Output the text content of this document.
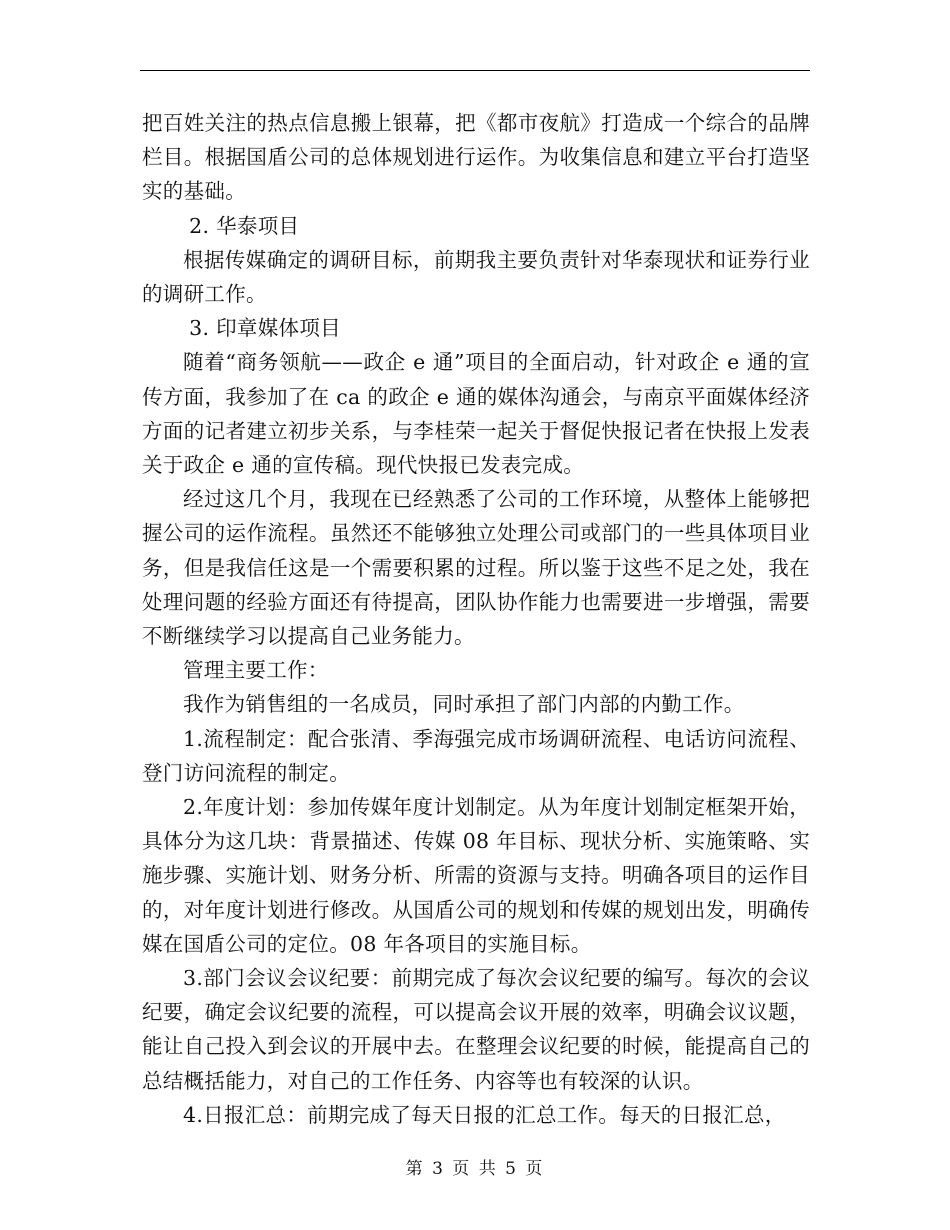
把百姓关注的热点信息搬上银幕，把《都市夜航》打造成一个综合的品牌栏目。根据国盾公司的总体规划进行运作。为收集信息和建立平台打造坚实的基础。

2. 华泰项目

根据传媒确定的调研目标，前期我主要负责针对华泰现状和证券行业的调研工作。

3. 印章媒体项目

随着“商务领航——政企 e 通”项目的全面启动，针对政企 e 通的宣传方面，我参加了在 ca 的政企 e 通的媒体沟通会，与南京平面媒体经济方面的记者建立初步关系，与李桂荣一起关于督促快报记者在快报上发表关于政企 e 通的宣传稿。现代快报已发表完成。

经过这几个月，我现在已经熟悉了公司的工作环境，从整体上能够把握公司的运作流程。虽然还不能够独立处理公司或部门的一些具体项目业务，但是我信任这是一个需要积累的过程。所以鉴于这些不足之处，我在处理问题的经验方面还有待提高，团队协作能力也需要进一步增强，需要不断继续学习以提高自己业务能力。

管理主要工作：

我作为销售组的一名成员，同时承担了部门内部的内勤工作。

1.流程制定：配合张清、季海强完成市场调研流程、电话访问流程、登门访问流程的制定。

2.年度计划：参加传媒年度计划制定。从为年度计划制定框架开始，具体分为这几块：背景描述、传媒 08 年目标、现状分析、实施策略、实施步骤、实施计划、财务分析、所需的资源与支持。明确各项目的运作目的，对年度计划进行修改。从国盾公司的规划和传媒的规划出发，明确传媒在国盾公司的定位。08 年各项目的实施目标。

3.部门会议会议纪要：前期完成了每次会议纪要的编写。每次的会议纪要，确定会议纪要的流程，可以提高会议开展的效率，明确会议议题，能让自己投入到会议的开展中去。在整理会议纪要的时候，能提高自己的总结概括能力，对自己的工作任务、内容等也有较深的认识。

4.日报汇总：前期完成了每天日报的汇总工作。每天的日报汇总，

第 3 页 共 5 页
